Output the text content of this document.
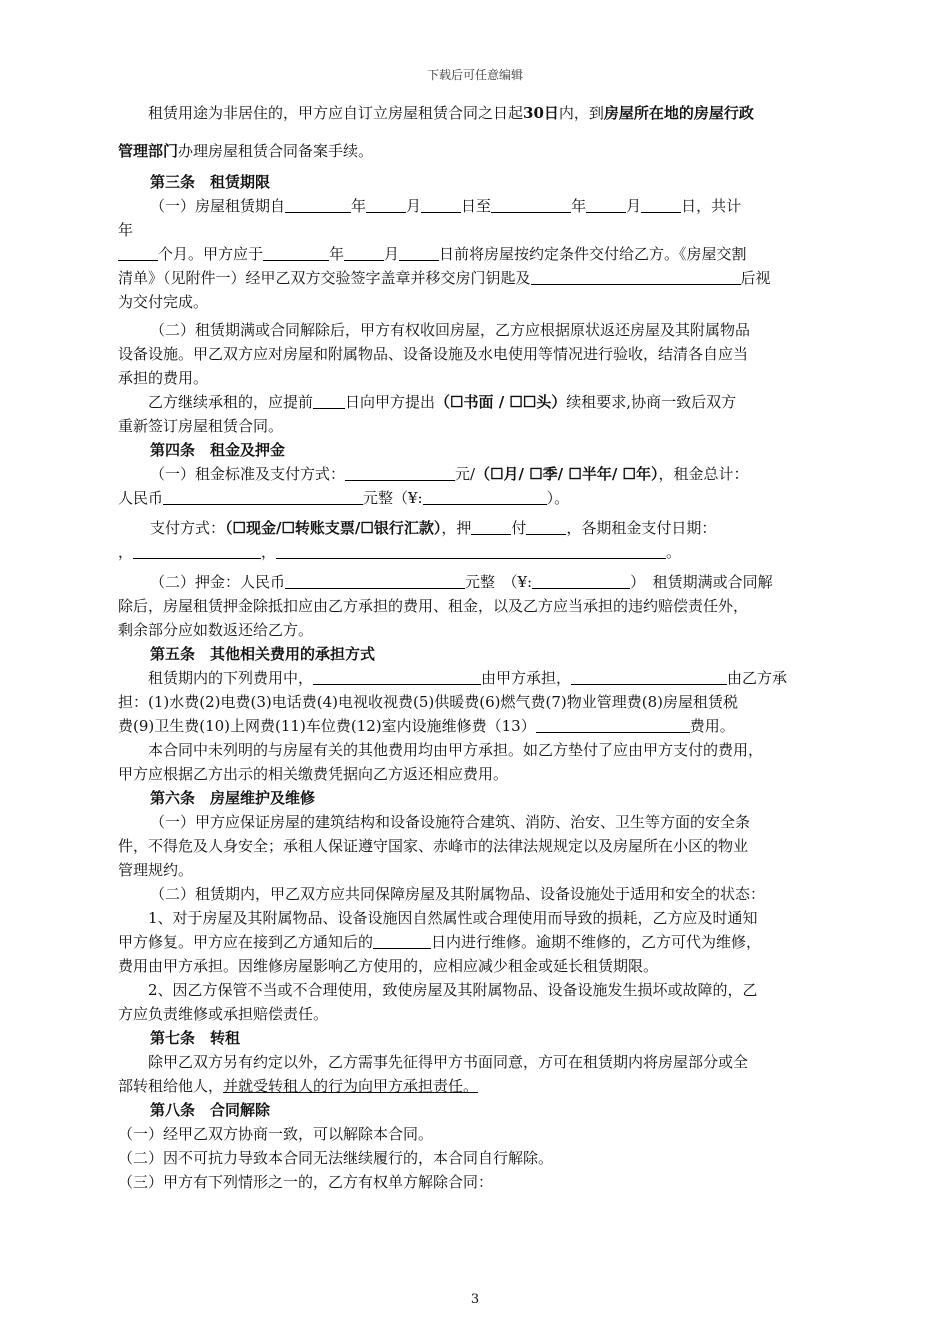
下载后可任意编辑
租赁用途为非居住的，甲方应自订立房屋租赁合同之日起30日内，到房屋所在地的房屋行政
管理部门办理房屋租赁合同备案手续。
第三条　租赁期限
（一）房屋租赁期自	年	月	日至	年	月	日，共计
年
个月。甲方应于	年	月	日前将房屋按约定条件交付给乙方。《房屋交割
清单》（见附件一）经甲乙双方交验签字盖章并移交房门钥匙及	后视
为交付完成。
（二）租赁期满或合同解除后，甲方有权收回房屋，乙方应根据原状返还房屋及其附属物品
设备设施。甲乙双方应对房屋和附属物品、设备设施及水电使用等情况进行验收，结清各自应当
承担的费用。
乙方继续承租的，应提前 日向甲方提出（☐书面 / ☐☐头）续租要求,协商一致后双方
重新签订房屋租赁合同。
第四条　租金及押金
（一）租金标准及支付方式：	元/（☐月/ ☐季/ ☐半年/ ☐年），租金总计：
人民币	元整（¥:	）。
支付方式：（☐现金/☐转账支票/☐银行汇款），押	付	，各期租金支付日期：
，	，	。
（二）押金：人民币	元整　（¥:	）　租赁期满或合同解
除后，房屋租赁押金除抵扣应由乙方承担的费用、租金，以及乙方应当承担的违约赔偿责任外，
剩余部分应如数返还给乙方。
第五条　其他相关费用的承担方式
租赁期内的下列费用中，	由甲方承担，	由乙方承
担：(1)水费(2)电费(3)电话费(4)电视收视费(5)供暖费(6)燃气费(7)物业管理费(8)房屋租赁税
费(9)卫生费(10)上网费(11)车位费(12)室内设施维修费（13）	费用。
本合同中未列明的与房屋有关的其他费用均由甲方承担。如乙方垫付了应由甲方支付的费用，
甲方应根据乙方出示的相关缴费凭据向乙方返还相应费用。
第六条　房屋维护及维修
（一）甲方应保证房屋的建筑结构和设备设施符合建筑、消防、治安、卫生等方面的安全条
件，不得危及人身安全；承租人保证遵守国家、赤峰市的法律法规规定以及房屋所在小区的物业
管理规约。
（二）租赁期内，甲乙双方应共同保障房屋及其附属物品、设备设施处于适用和安全的状态：
1、对于房屋及其附属物品、设备设施因自然属性或合理使用而导致的损耗，乙方应及时通知
甲方修复。甲方应在接到乙方通知后的	日内进行维修。逾期不维修的，乙方可代为维修，
费用由甲方承担。因维修房屋影响乙方使用的，应相应减少租金或延长租赁期限。
2、因乙方保管不当或不合理使用，致使房屋及其附属物品、设备设施发生损坏或故障的，乙
方应负责维修或承担赔偿责任。
第七条　转租
除甲乙双方另有约定以外，乙方需事先征得甲方书面同意，方可在租赁期内将房屋部分或全
部转租给他人，并就受转租人的行为向甲方承担责任。
第八条　合同解除
（一）经甲乙双方协商一致，可以解除本合同。
（二）因不可抗力导致本合同无法继续履行的，本合同自行解除。
（三）甲方有下列情形之一的，乙方有权单方解除合同：
3
